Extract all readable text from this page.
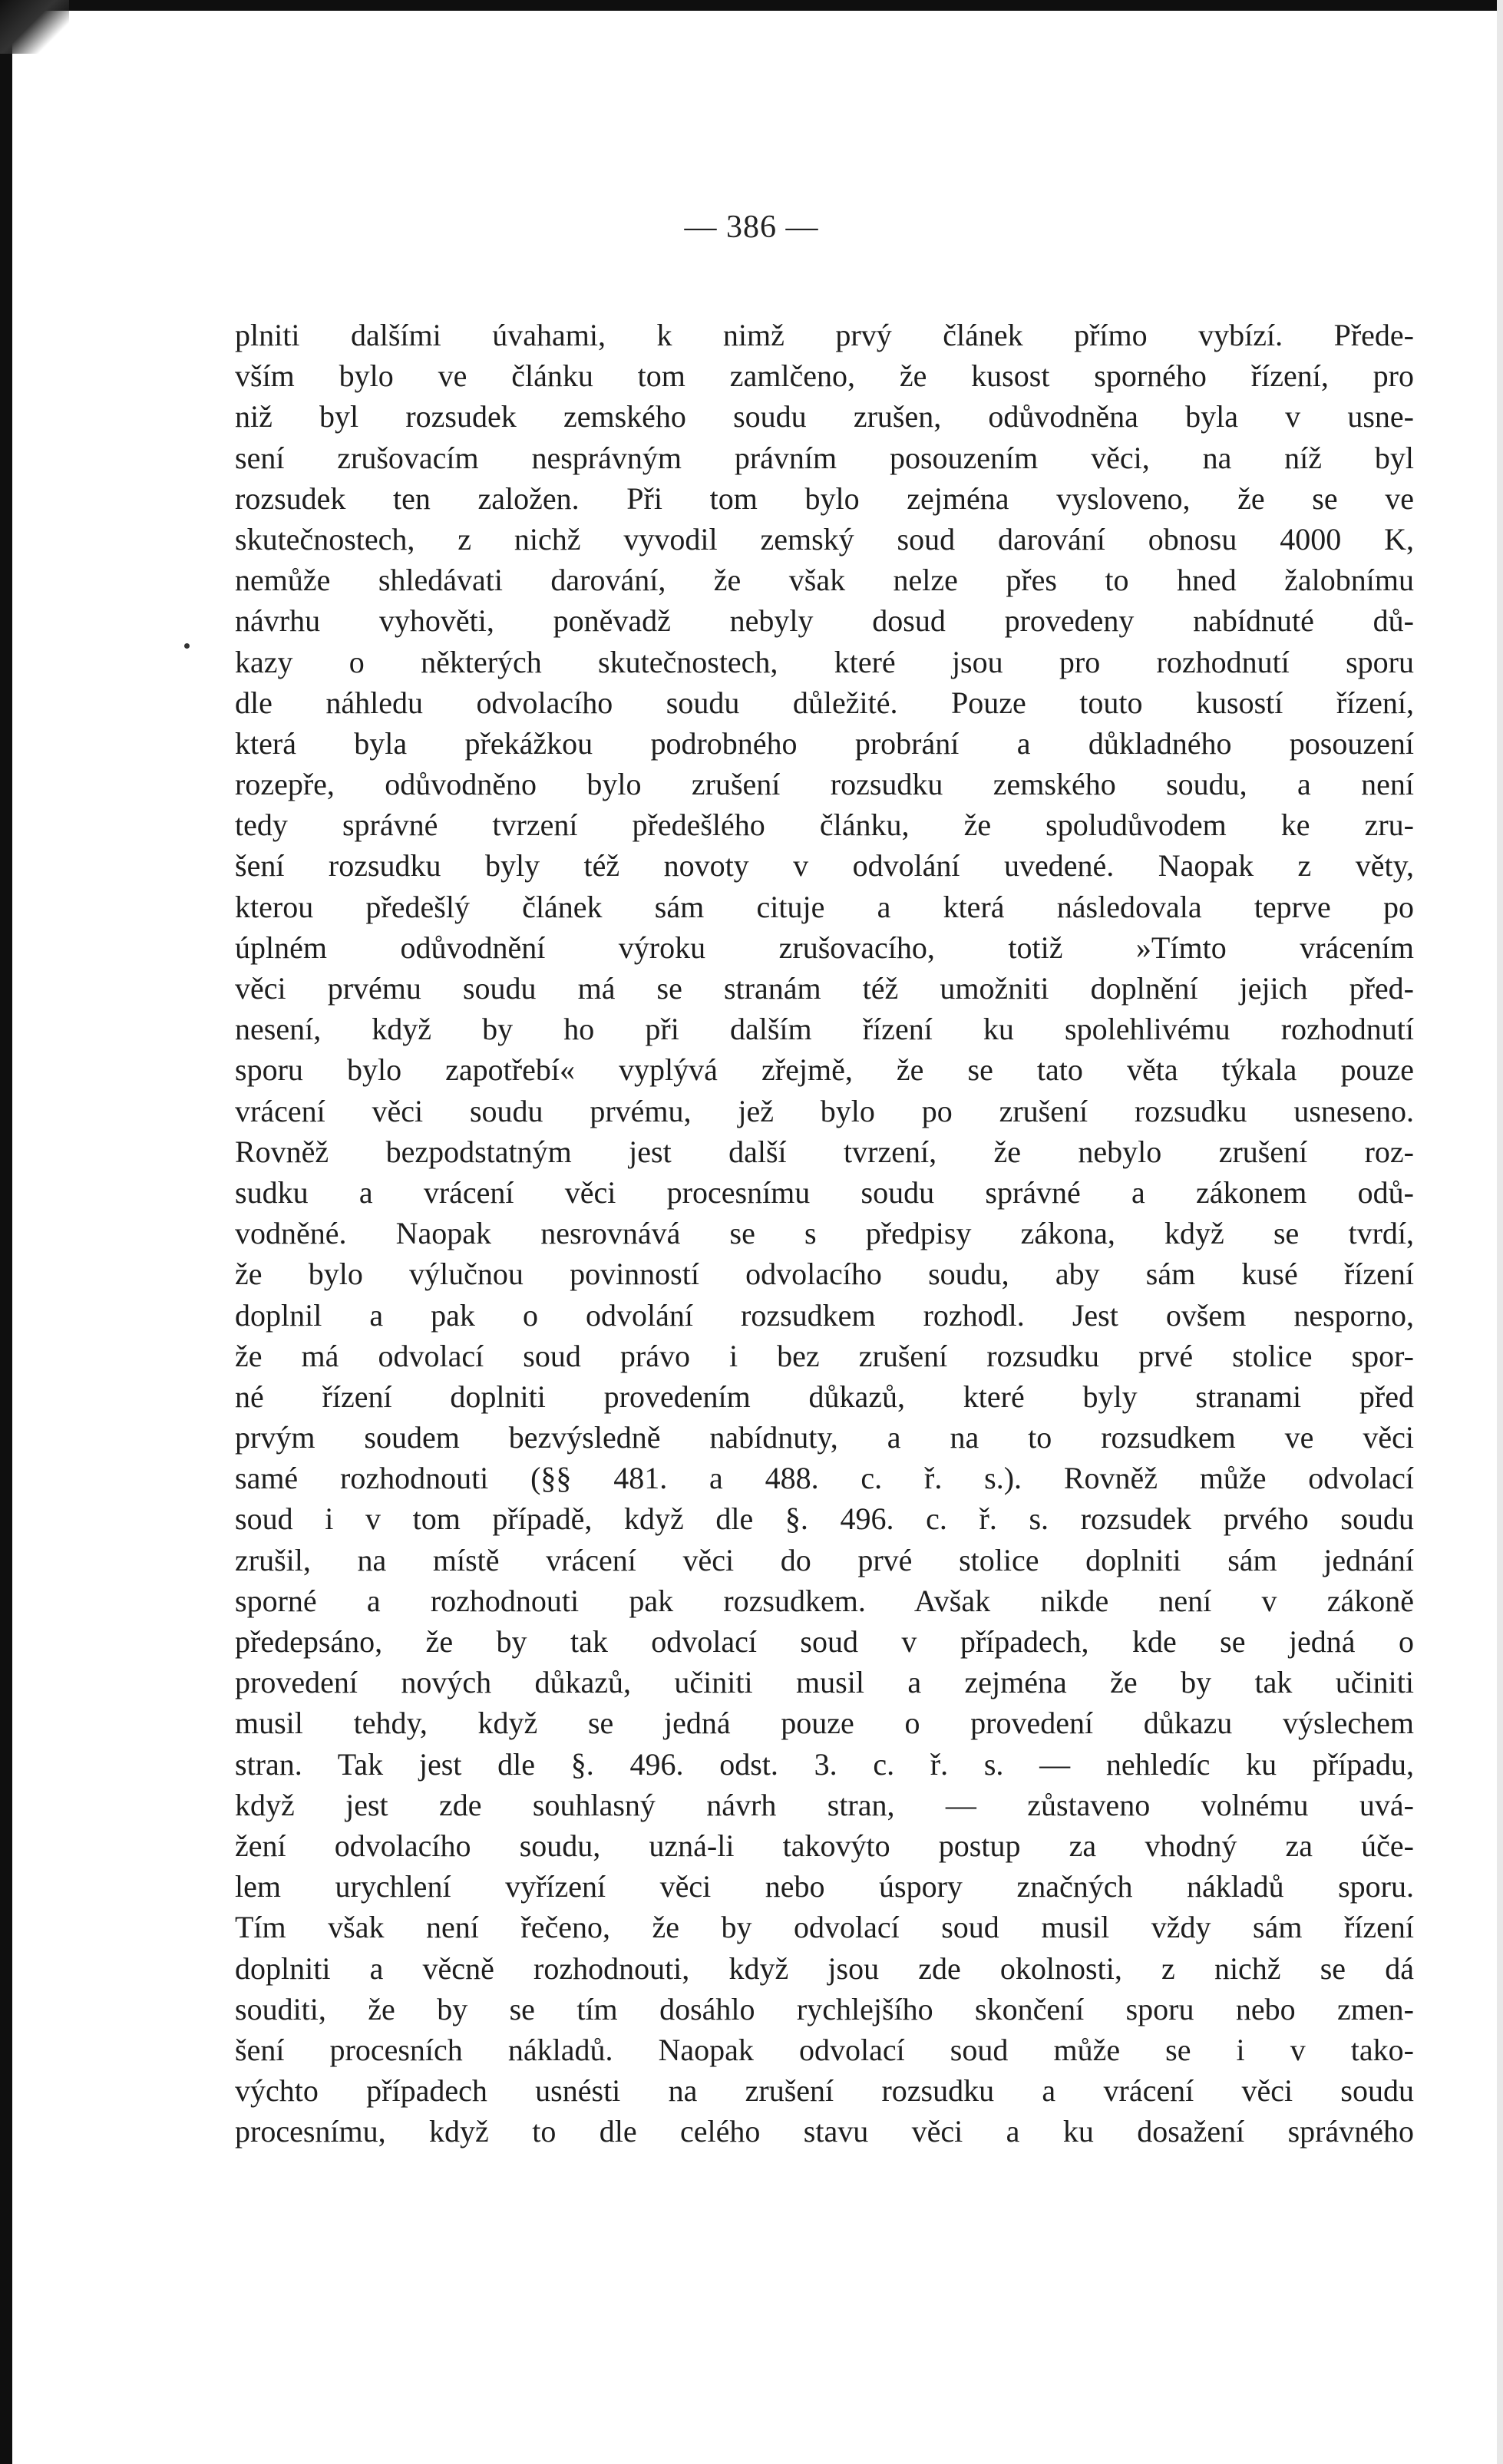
— 386 —
plniti dalšími úvahami, k nimž prvý článek přímo vybízí. Přede-
vším bylo ve článku tom zamlčeno, že kusost sporného řízení, pro
niž byl rozsudek zemského soudu zrušen, odůvodněna byla v usne-
sení zrušovacím nesprávným právním posouzením věci, na níž byl
rozsudek ten založen. Při tom bylo zejména vysloveno, že se ve
skutečnostech, z nichž vyvodil zemský soud darování obnosu 4000 K,
nemůže shledávati darování, že však nelze přes to hned žalobnímu
návrhu vyhověti, poněvadž nebyly dosud provedeny nabídnuté dů-
kazy o některých skutečnostech, které jsou pro rozhodnutí sporu
dle náhledu odvolacího soudu důležité. Pouze touto kusostí řízení,
která byla překážkou podrobného probrání a důkladného posouzení
rozepře, odůvodněno bylo zrušení rozsudku zemského soudu, a není
tedy správné tvrzení předešlého článku, že spoludůvodem ke zru-
šení rozsudku byly též novoty v odvolání uvedené. Naopak z věty,
kterou předešlý článek sám cituje a která následovala teprve po
úplném odůvodnění výroku zrušovacího, totiž »Tímto vrácením
věci prvému soudu má se stranám též umožniti doplnění jejich před-
nesení, když by ho při dalším řízení ku spolehlivému rozhodnutí
sporu bylo zapotřebí« vyplývá zřejmě, že se tato věta týkala pouze
vrácení věci soudu prvému, jež bylo po zrušení rozsudku usneseno.
Rovněž bezpodstatným jest další tvrzení, že nebylo zrušení roz-
sudku a vrácení věci procesnímu soudu správné a zákonem odů-
vodněné. Naopak nesrovnává se s předpisy zákona, když se tvrdí,
že bylo výlučnou povinností odvolacího soudu, aby sám kusé řízení
doplnil a pak o odvolání rozsudkem rozhodl. Jest ovšem nesporno,
že má odvolací soud právo i bez zrušení rozsudku prvé stolice spor-
né řízení doplniti provedením důkazů, které byly stranami před
prvým soudem bezvýsledně nabídnuty, a na to rozsudkem ve věci
samé rozhodnouti (§§ 481. a 488. c. ř. s.). Rovněž může odvolací
soud i v tom případě, když dle §. 496. c. ř. s. rozsudek prvého soudu
zrušil, na místě vrácení věci do prvé stolice doplniti sám jednání
sporné a rozhodnouti pak rozsudkem. Avšak nikde není v zákoně
předepsáno, že by tak odvolací soud v případech, kde se jedná o
provedení nových důkazů, učiniti musil a zejména že by tak učiniti
musil tehdy, když se jedná pouze o provedení důkazu výslechem
stran. Tak jest dle §. 496. odst. 3. c. ř. s. — nehledíc ku případu,
když jest zde souhlasný návrh stran, — zůstaveno volnému uvá-
žení odvolacího soudu, uzná-li takovýto postup za vhodný za úče-
lem urychlení vyřízení věci nebo úspory značných nákladů sporu.
Tím však není řečeno, že by odvolací soud musil vždy sám řízení
doplniti a věcně rozhodnouti, když jsou zde okolnosti, z nichž se dá
souditi, že by se tím dosáhlo rychlejšího skončení sporu nebo zmen-
šení procesních nákladů. Naopak odvolací soud může se i v tako-
výchto případech usnésti na zrušení rozsudku a vrácení věci soudu
procesnímu, když to dle celého stavu věci a ku dosažení správného
